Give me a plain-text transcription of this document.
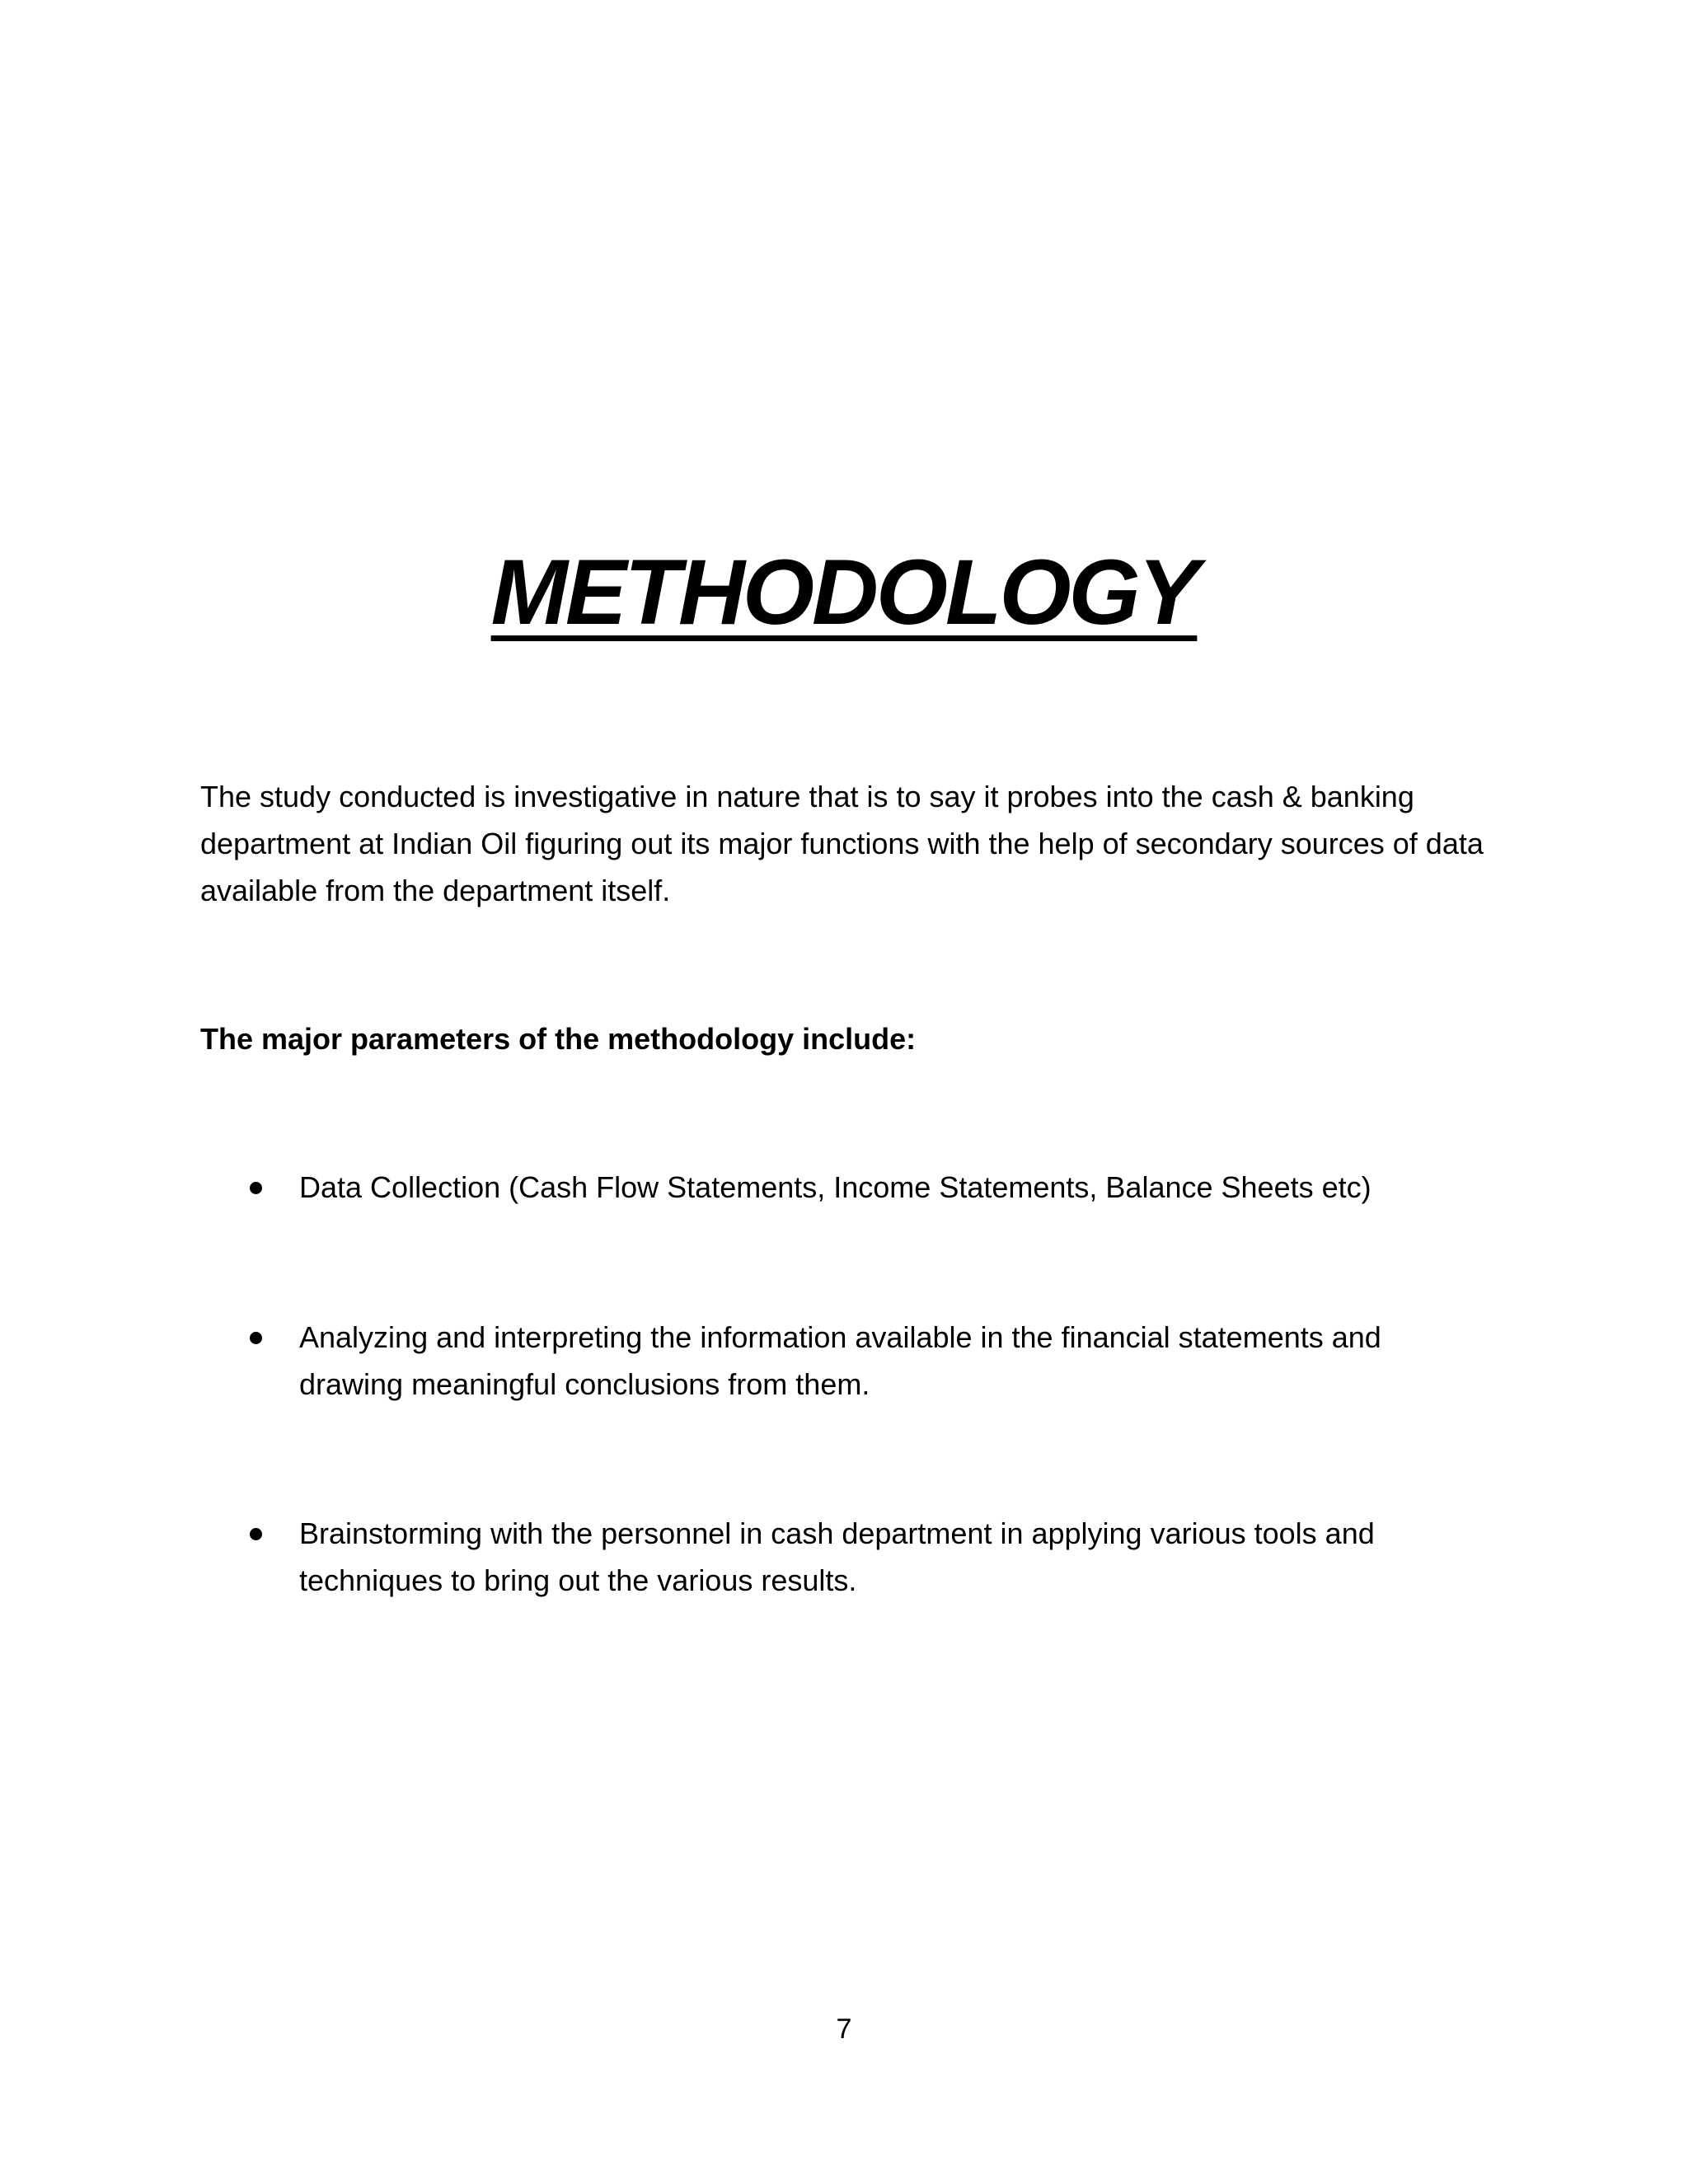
METHODOLOGY

The study conducted is investigative in nature that is to say it probes into the cash & banking department at Indian Oil figuring out its major functions with the help of secondary sources of data available from the department itself.

The major parameters of the methodology include:

Data Collection (Cash Flow Statements, Income Statements, Balance Sheets etc)
Analyzing and interpreting the information available in the financial statements and drawing meaningful conclusions from them.
Brainstorming with the personnel in cash department in applying various tools and techniques to bring out the various results.

7
